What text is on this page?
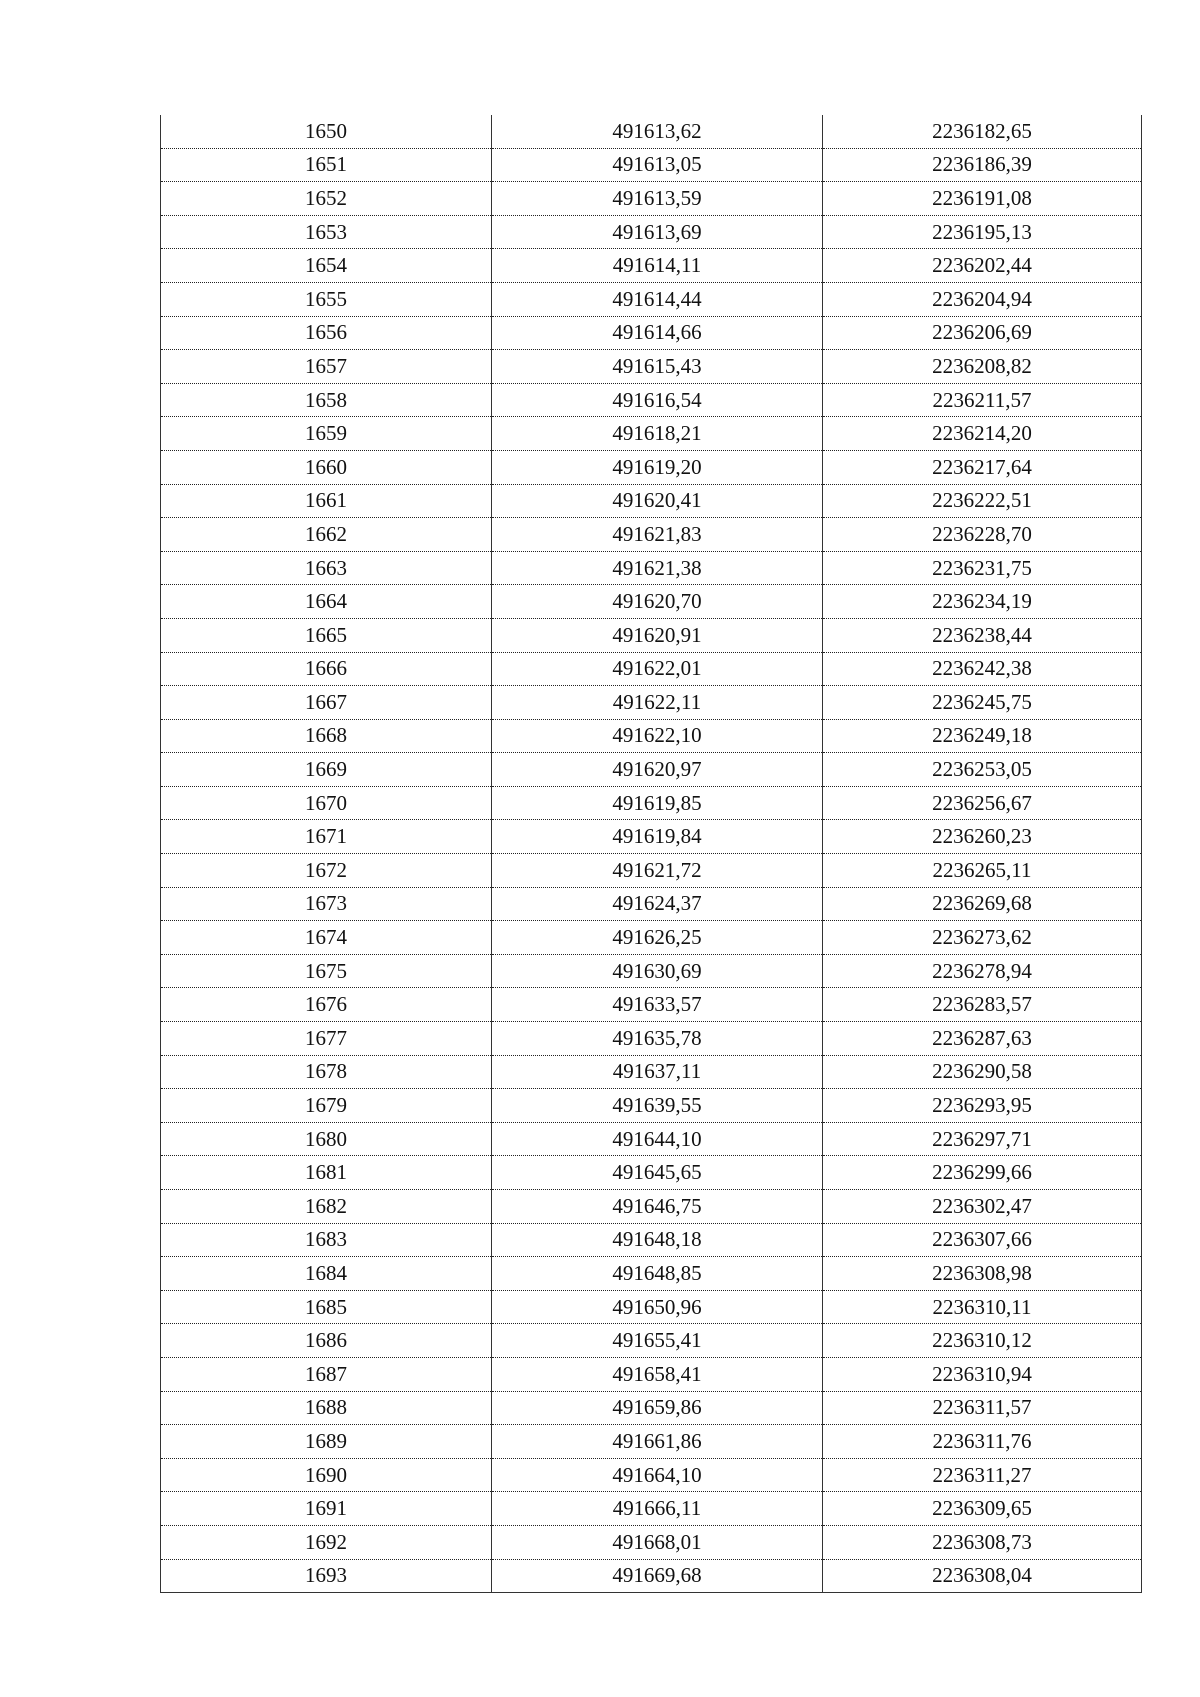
1650	491613,62	2236182,65
1651	491613,05	2236186,39
1652	491613,59	2236191,08
1653	491613,69	2236195,13
1654	491614,11	2236202,44
1655	491614,44	2236204,94
1656	491614,66	2236206,69
1657	491615,43	2236208,82
1658	491616,54	2236211,57
1659	491618,21	2236214,20
1660	491619,20	2236217,64
1661	491620,41	2236222,51
1662	491621,83	2236228,70
1663	491621,38	2236231,75
1664	491620,70	2236234,19
1665	491620,91	2236238,44
1666	491622,01	2236242,38
1667	491622,11	2236245,75
1668	491622,10	2236249,18
1669	491620,97	2236253,05
1670	491619,85	2236256,67
1671	491619,84	2236260,23
1672	491621,72	2236265,11
1673	491624,37	2236269,68
1674	491626,25	2236273,62
1675	491630,69	2236278,94
1676	491633,57	2236283,57
1677	491635,78	2236287,63
1678	491637,11	2236290,58
1679	491639,55	2236293,95
1680	491644,10	2236297,71
1681	491645,65	2236299,66
1682	491646,75	2236302,47
1683	491648,18	2236307,66
1684	491648,85	2236308,98
1685	491650,96	2236310,11
1686	491655,41	2236310,12
1687	491658,41	2236310,94
1688	491659,86	2236311,57
1689	491661,86	2236311,76
1690	491664,10	2236311,27
1691	491666,11	2236309,65
1692	491668,01	2236308,73
1693	491669,68	2236308,04
